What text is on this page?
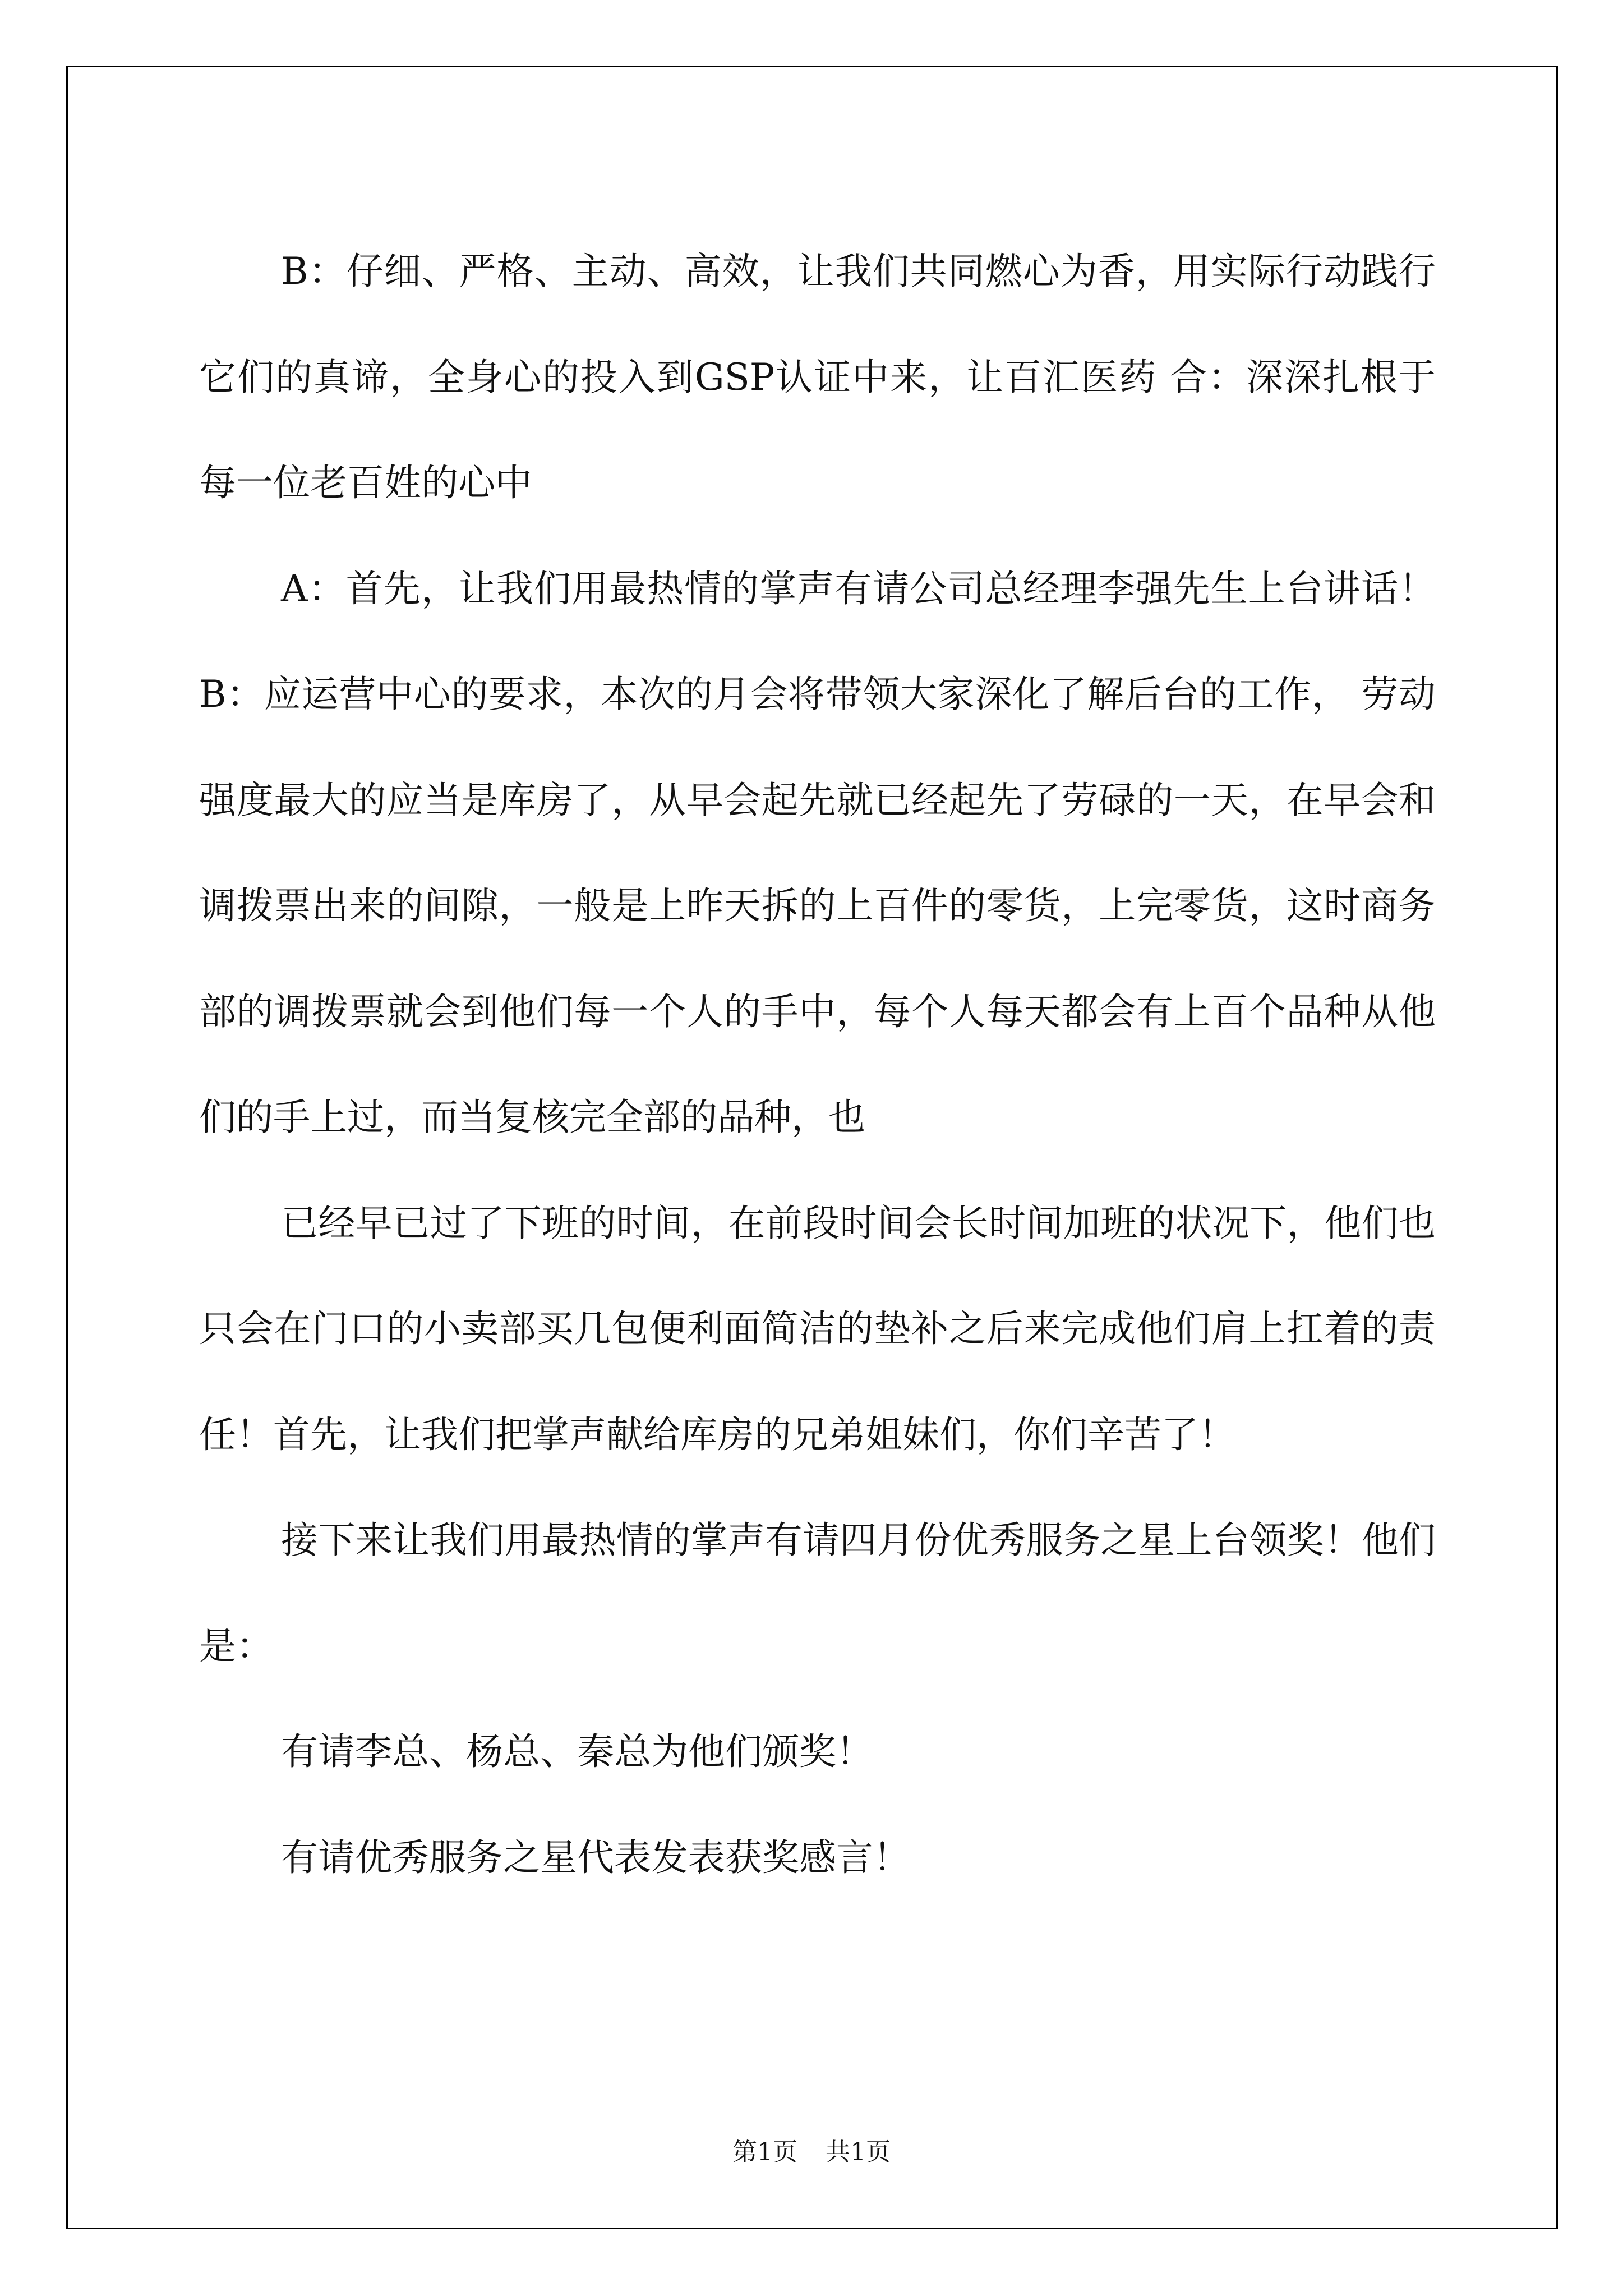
B：仔细、严格、主动、高效，让我们共同燃心为香，用实际行动践行它们的真谛，全身心的投入到GSP认证中来，让百汇医药 合：深深扎根于每一位老百姓的心中

A：首先，让我们用最热情的掌声有请公司总经理李强先生上台讲话！B：应运营中心的要求，本次的月会将带领大家深化了解后台的工作， 劳动强度最大的应当是库房了，从早会起先就已经起先了劳碌的一天，在早会和调拨票出来的间隙，一般是上昨天拆的上百件的零货，上完零货，这时商务部的调拨票就会到他们每一个人的手中，每个人每天都会有上百个品种从他们的手上过，而当复核完全部的品种，也

已经早已过了下班的时间，在前段时间会长时间加班的状况下，他们也只会在门口的小卖部买几包便利面简洁的垫补之后来完成他们肩上扛着的责任！首先，让我们把掌声献给库房的兄弟姐妹们，你们辛苦了！

接下来让我们用最热情的掌声有请四月份优秀服务之星上台领奖！他们是：

有请李总、杨总、秦总为他们颁奖！

有请优秀服务之星代表发表获奖感言！

第1页 共1页
